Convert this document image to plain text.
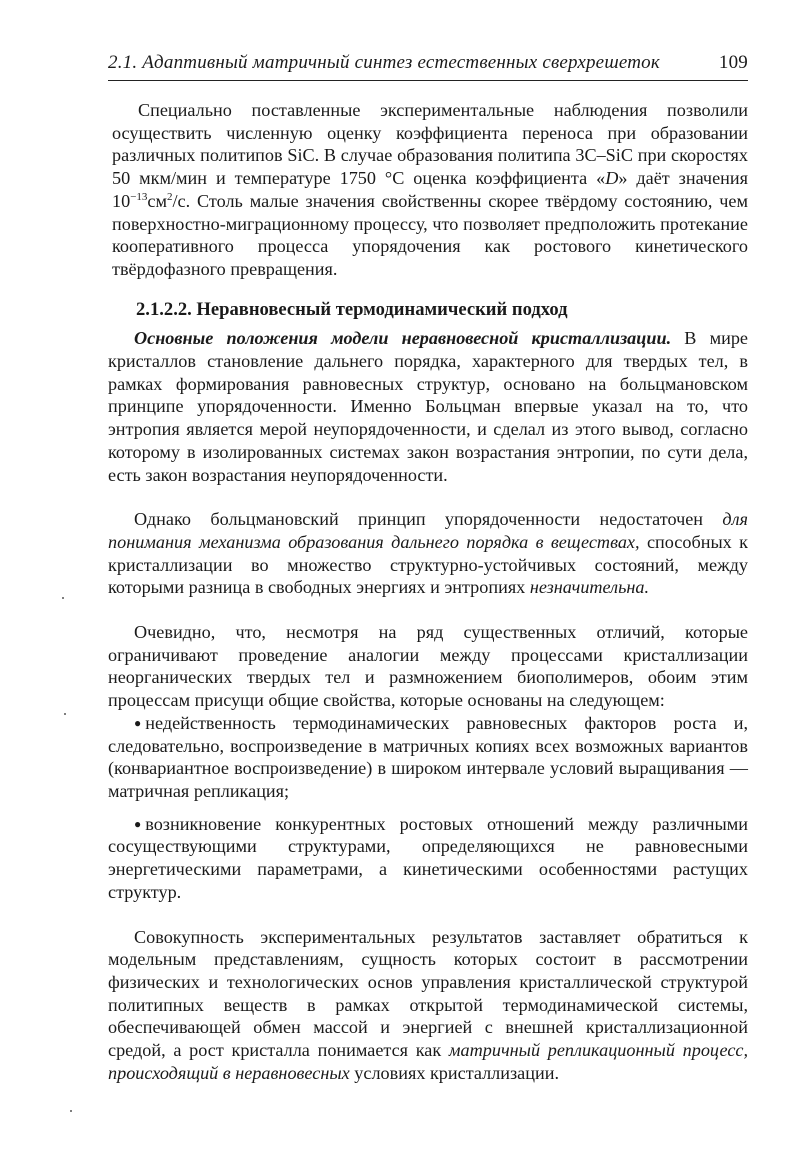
2.1. Адаптивный матричный синтез естественных сверхрешеток	109

Специально поставленные экспериментальные наблюдения позволили осуществить численную оценку коэффициента переноса при образовании различных политипов SiC. В случае образования политипа 3С–SiC при скоростях 50 мкм/мин и температуре 1750 °С оценка коэффициента «D» даёт значения $10^{-13}см^2/с$. Столь малые значения свойственны скорее твёрдому состоянию, чем поверхностно-миграционному процессу, что позволяет предположить протекание кооперативного процесса упорядочения как ростового кинетического твёрдофазного превращения.

2.1.2.2. Неравновесный термодинамический подход

Основные положения модели неравновесной кристаллизации. В мире кристаллов становление дальнего порядка, характерного для твердых тел, в рамках формирования равновесных структур, основано на больцмановском принципе упорядоченности. Именно Больцман впервые указал на то, что энтропия является мерой неупорядоченности, и сделал из этого вывод, согласно которому в изолированных системах закон возрастания энтропии, по сути дела, есть закон возрастания неупорядоченности.

Однако больцмановский принцип упорядоченности недостаточен для понимания механизма образования дальнего порядка в веществах, способных к кристаллизации во множество структурно-устойчивых состояний, между которыми разница в свободных энергиях и энтропиях незначительна.

Очевидно, что, несмотря на ряд существенных отличий, которые ограничивают проведение аналогии между процессами кристаллизации неорганических твердых тел и размножением биополимеров, обоим этим процессам присущи общие свойства, которые основаны на следующем:

● недейственность термодинамических равновесных факторов роста и, следовательно, воспроизведение в матричных копиях всех возможных вариантов (конвариантное воспроизведение) в широком интервале условий выращивания — матричная репликация;
● возникновение конкурентных ростовых отношений между различными сосуществующими структурами, определяющихся не равновесными энергетическими параметрами, а кинетическими особенностями растущих структур.

Совокупность экспериментальных результатов заставляет обратиться к модельным представлениям, сущность которых состоит в рассмотрении физических и технологических основ управления кристаллической структурой политипных веществ в рамках открытой термодинамической системы, обеспечивающей обмен массой и энергией с внешней кристаллизационной средой, а рост кристалла понимается как матричный репликационный процесс, происходящий в неравновесных условиях кристаллизации.
